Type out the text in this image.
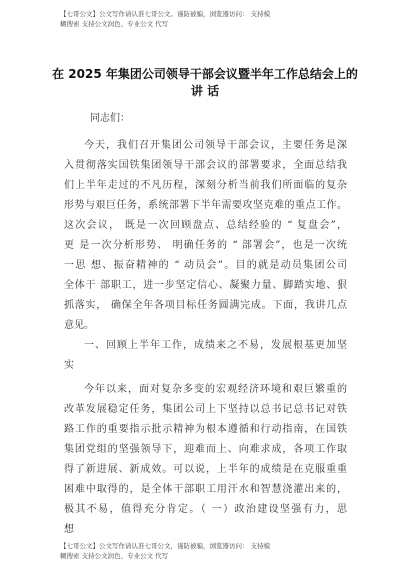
【七哥公文】公文写作请认准七哥公文。谨防被骗，浏览器访问： 支持模
糊搜索 支持公文润色、专业公文 代写
在 2025 年集团公司领导干部会议暨半年工作总结会上的
讲 话
同志们：
今天，我们召开集团公司领导干部会议，主要任务是深
入贯彻落实国铁集团领导干部会议的部署要求，全面总结我
们上半年走过的不凡历程，深刻分析当前我们所面临的复杂
形势与艰巨任务，系统部署下半年需要攻坚克难的重点工作。
这次会议， 既是一次回顾盘点、总结经验的 “ 复盘会”，
更 是一次分析形势、 明确任务的 “ 部署会”，也是一次统
一思 想、振奋精神的 “ 动员会”。目的就是动员集团公司
全体干 部职工，进一步坚定信心、凝聚力量、脚踏实地、狠
抓落实， 确保全年各项目标任务圆满完成。下面，我讲几点
意见。
一、回顾上半年工作，成绩来之不易，发展根基更加坚
实
今年以来，面对复杂多变的宏观经济环境和艰巨繁重的
改革发展稳定任务，集团公司上下坚持以总书记总书记对铁
路工作的重要指示批示精神为根本遵循和行动指南，在国铁
集团党组的坚强领导下，迎难而上、向难求成，各项工作取
得了新进展、新成效。可以说，上半年的成绩是在克服重重
困难中取得的，是全体干部职工用汗水和智慧浇灌出来的，
极其不易，值得充分肯定。（ 一）政治建设坚强有力，思
想
【七哥公文】公文写作请认准七哥公文，谨防被骗，浏览器访问： 支持模
糊搜索 支持公文润色、专业公文 代写
